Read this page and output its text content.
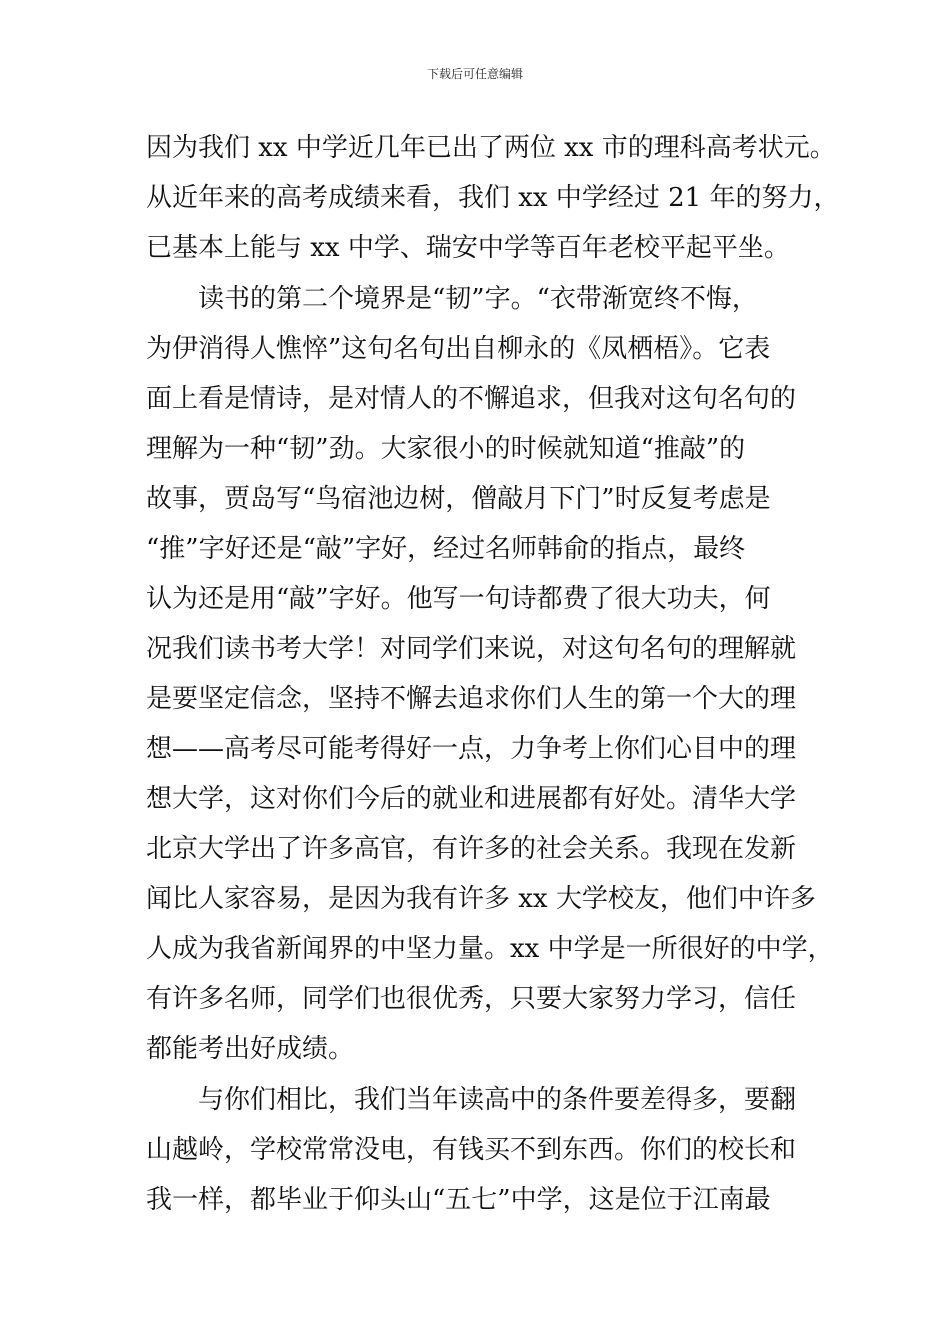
下载后可任意编辑
因为我们 xx 中学近几年已出了两位 xx 市的理科高考状元。
从近年来的高考成绩来看，我们 xx 中学经过 21 年的努力，
已基本上能与 xx 中学、瑞安中学等百年老校平起平坐。
　　读书的第二个境界是“韧”字。“衣带渐宽终不悔，
为伊消得人憔悴”这句名句出自柳永的《凤栖梧》。它表
面上看是情诗，是对情人的不懈追求，但我对这句名句的
理解为一种“韧”劲。大家很小的时候就知道“推敲”的
故事，贾岛写“鸟宿池边树，僧敲月下门”时反复考虑是
“推”字好还是“敲”字好，经过名师韩俞的指点，最终
认为还是用“敲”字好。他写一句诗都费了很大功夫，何
况我们读书考大学！对同学们来说，对这句名句的理解就
是要坚定信念，坚持不懈去追求你们人生的第一个大的理
想——高考尽可能考得好一点，力争考上你们心目中的理
想大学，这对你们今后的就业和进展都有好处。清华大学
北京大学出了许多高官，有许多的社会关系。我现在发新
闻比人家容易，是因为我有许多 xx 大学校友，他们中许多
人成为我省新闻界的中坚力量。xx 中学是一所很好的中学，
有许多名师，同学们也很优秀，只要大家努力学习，信任
都能考出好成绩。
　　与你们相比，我们当年读高中的条件要差得多，要翻
山越岭，学校常常没电，有钱买不到东西。你们的校长和
我一样，都毕业于仰头山“五七”中学，这是位于江南最
